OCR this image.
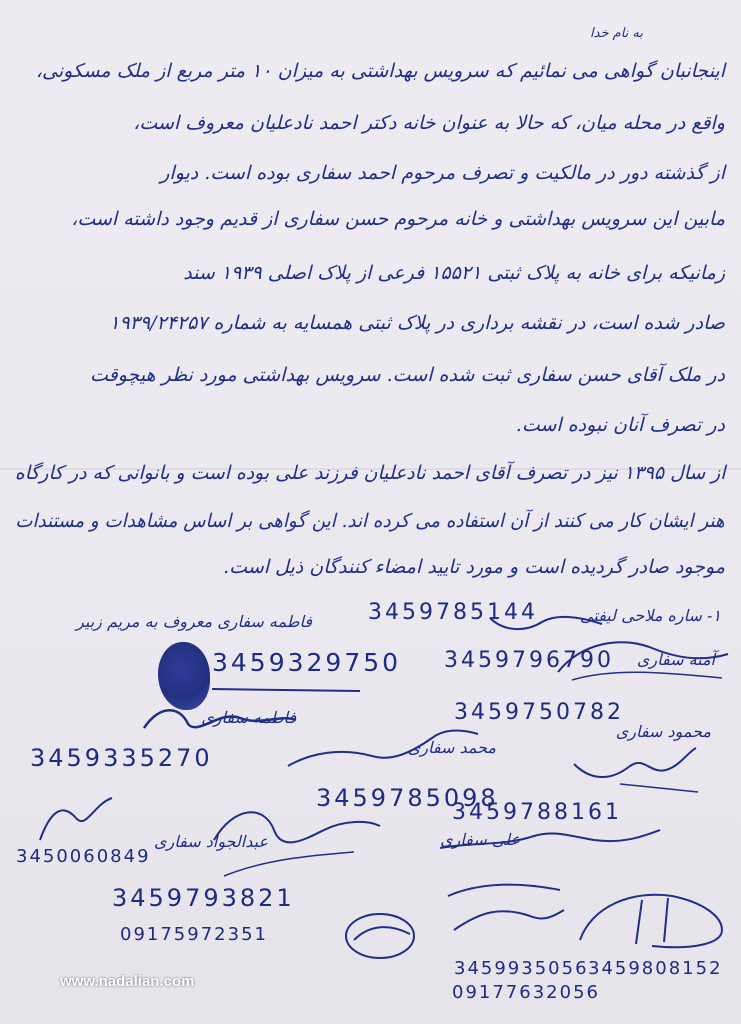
به نام خدا
اینجانبان گواهی می نمائیم که سرویس بهداشتی به میزان ۱۰ متر مربع از ملک مسکونی،
واقع در محله میان، که حالا به عنوان خانه دکتر احمد نادعلیان معروف است،
از گذشته دور در مالکیت و تصرف مرحوم احمد سفاری بوده است. دیوار
مابین این سرویس بهداشتی و خانه مرحوم حسن سفاری از قدیم وجود داشته است،
زمانیکه برای خانه به پلاک ثبتی ۱۵۵۲۱ فرعی از پلاک اصلی ۱۹۳۹ سند
صادر شده است، در نقشه برداری در پلاک ثبتی همسایه به شماره ۱۹۳۹/۲۴۲۵۷
در ملک آقای حسن سفاری ثبت شده است. سرویس بهداشتی مورد نظر هیچوقت
در تصرف آنان نبوده است.
از سال ۱۳۹۵ نیز در تصرف آقای احمد نادعلیان فرزند علی بوده است و بانوانی که در کارگاه
هنر ایشان کار می کنند از آن استفاده می کرده اند. این گواهی بر اساس مشاهدات و مستندات
موجود صادر گردیده است و مورد تایید امضاء کنندگان ذیل است.
۱- ساره ملاحی لیفتی
3459785144
فاطمه سفاری معروف به مریم زبیر
3459329750	آمنه سفاری
3459796790
فاطمه سفاری
3459335270
محمود سفاری
3459750782
محمد سفاری
3459785098
3459788161
علی سفاری
3450060849
عبدالجواد سفاری
3459793821
09175972351
3459935056
09177632056
3459808152
www.nadalian.com
